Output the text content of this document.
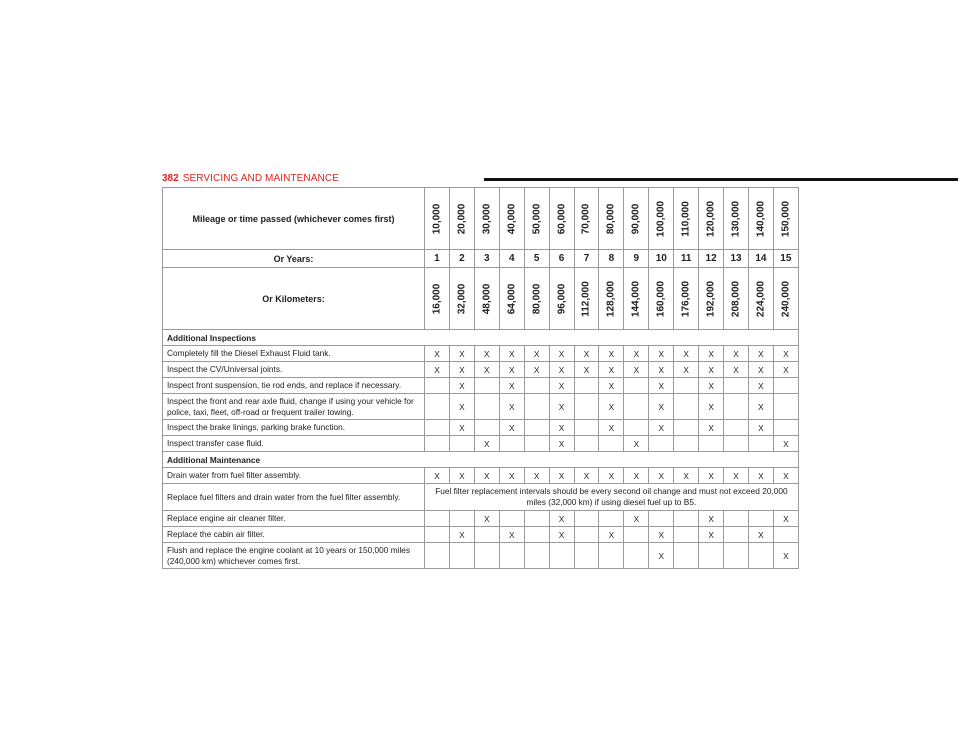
382 SERVICING AND MAINTENANCE
Mileage or time passed (whichever comes first)	10,000	20,000	30,000	40,000	50,000	60,000	70,000	80,000	90,000	100,000	110,000	120,000	130,000	140,000	150,000

Or Years:	1	2	3	4	5	6	7	8	9	10	11	12	13	14	15
Or Kilometers:	16,000	32,000	48,000	64,000	80,000	96,000	112,000	128,000	144,000	160,000	176,000	192,000	208,000	224,000	240,000

Additional Inspections															
Completely fill the Diesel Exhaust Fluid tank.	X	X	X	X	X	X	X	X	X	X	X	X	X	X	X
Inspect the CV/Universal joints.	X	X	X	X	X	X	X	X	X	X	X	X	X	X	X
Inspect front suspension, tie rod ends, and replace if necessary.		X		X		X		X		X		X		X	
Inspect the front and rear axle fluid, change if using your vehicle for police, taxi, fleet, off-road or frequent trailer towing.		X		X		X		X		X		X		X	
Inspect the brake linings, parking brake function.		X		X		X		X		X		X		X	
Inspect transfer case fluid.			X			X			X						X
Additional Maintenance															
Drain water from fuel filter assembly.	X	X	X	X	X	X	X	X	X	X	X	X	X	X	X
Replace fuel filters and drain water from the fuel filter assembly.	Fuel filter replacement intervals should be every second oil change and must not exceed 20,000 miles (32,000 km) if using diesel fuel up to B5.														
Replace engine air cleaner filter.			X			X			X			X			X
Replace the cabin air filter.		X		X		X		X		X		X		X	
Flush and replace the engine coolant at 10 years or 150,000 miles (240,000 km) whichever comes first.										X					X
